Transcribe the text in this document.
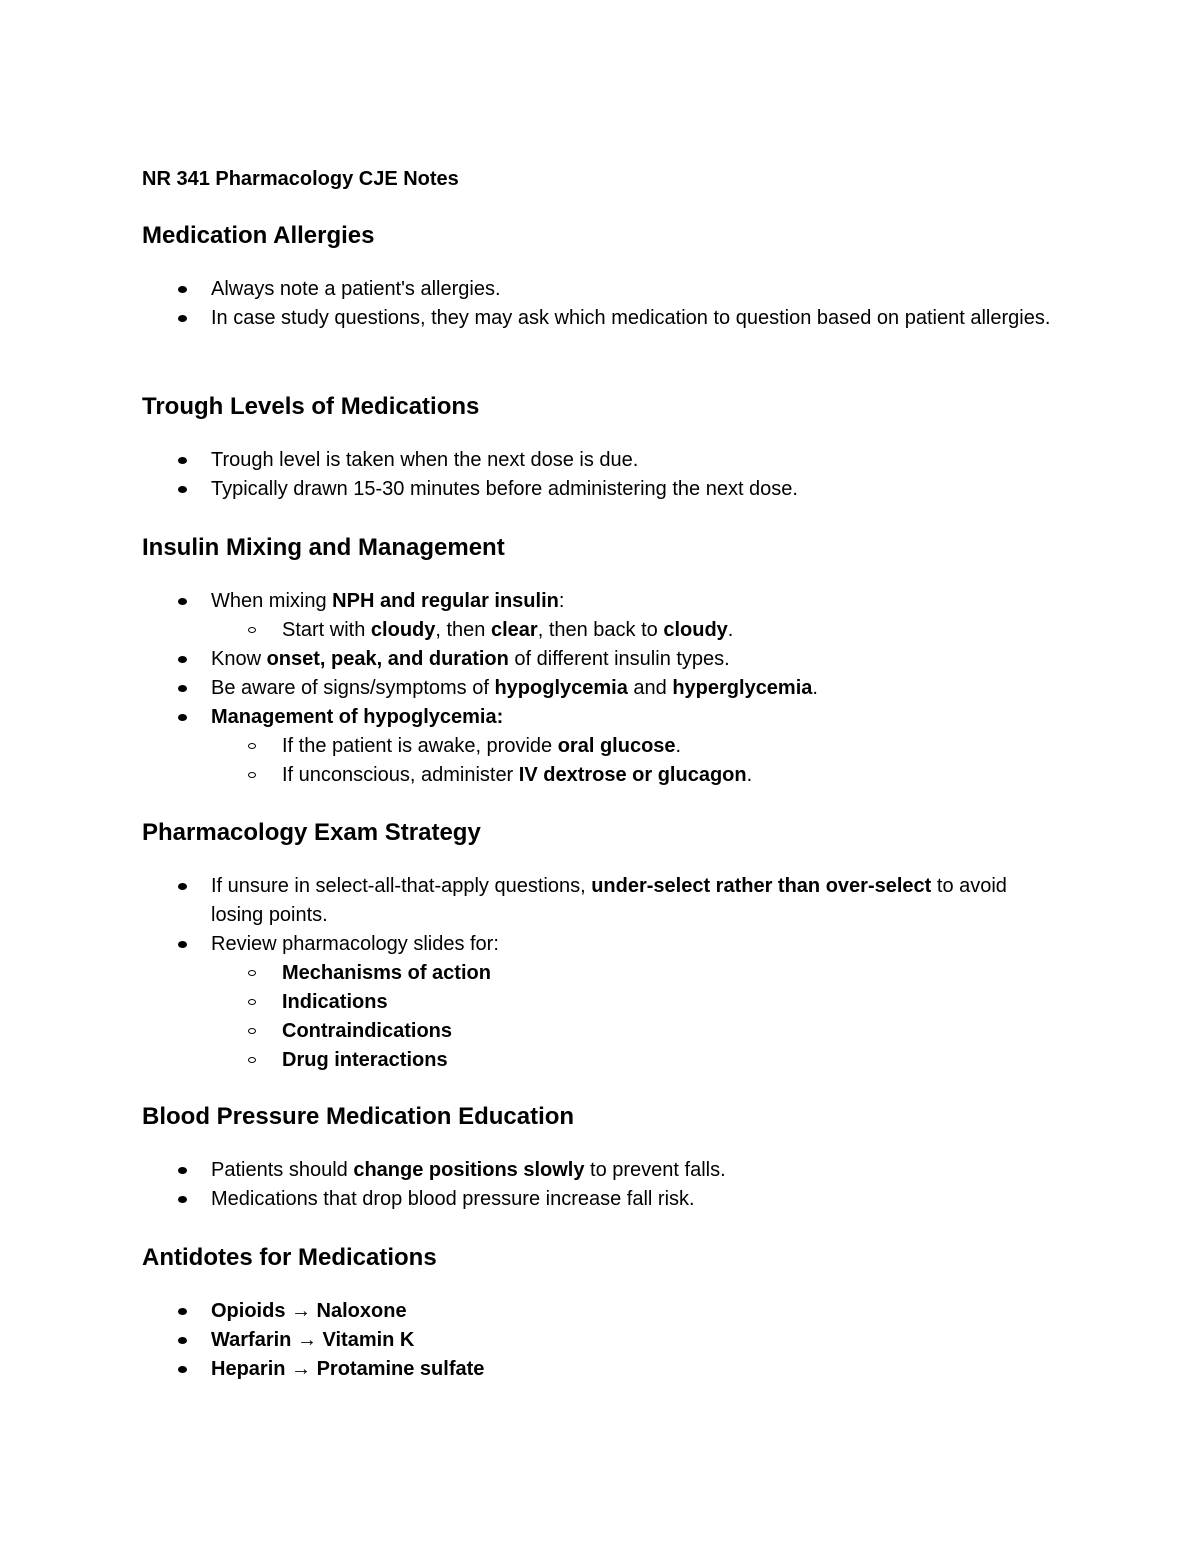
NR 341 Pharmacology CJE Notes
Medication Allergies
Always note a patient's allergies.
In case study questions, they may ask which medication to question based on patient allergies.
Trough Levels of Medications
Trough level is taken when the next dose is due.
Typically drawn 15-30 minutes before administering the next dose.
Insulin Mixing and Management
When mixing NPH and regular insulin:
Start with cloudy, then clear, then back to cloudy.
Know onset, peak, and duration of different insulin types.
Be aware of signs/symptoms of hypoglycemia and hyperglycemia.
Management of hypoglycemia:
If the patient is awake, provide oral glucose.
If unconscious, administer IV dextrose or glucagon.
Pharmacology Exam Strategy
If unsure in select-all-that-apply questions, under-select rather than over-select to avoid losing points.
Review pharmacology slides for:
Mechanisms of action
Indications
Contraindications
Drug interactions
Blood Pressure Medication Education
Patients should change positions slowly to prevent falls.
Medications that drop blood pressure increase fall risk.
Antidotes for Medications
Opioids → Naloxone
Warfarin → Vitamin K
Heparin → Protamine sulfate
